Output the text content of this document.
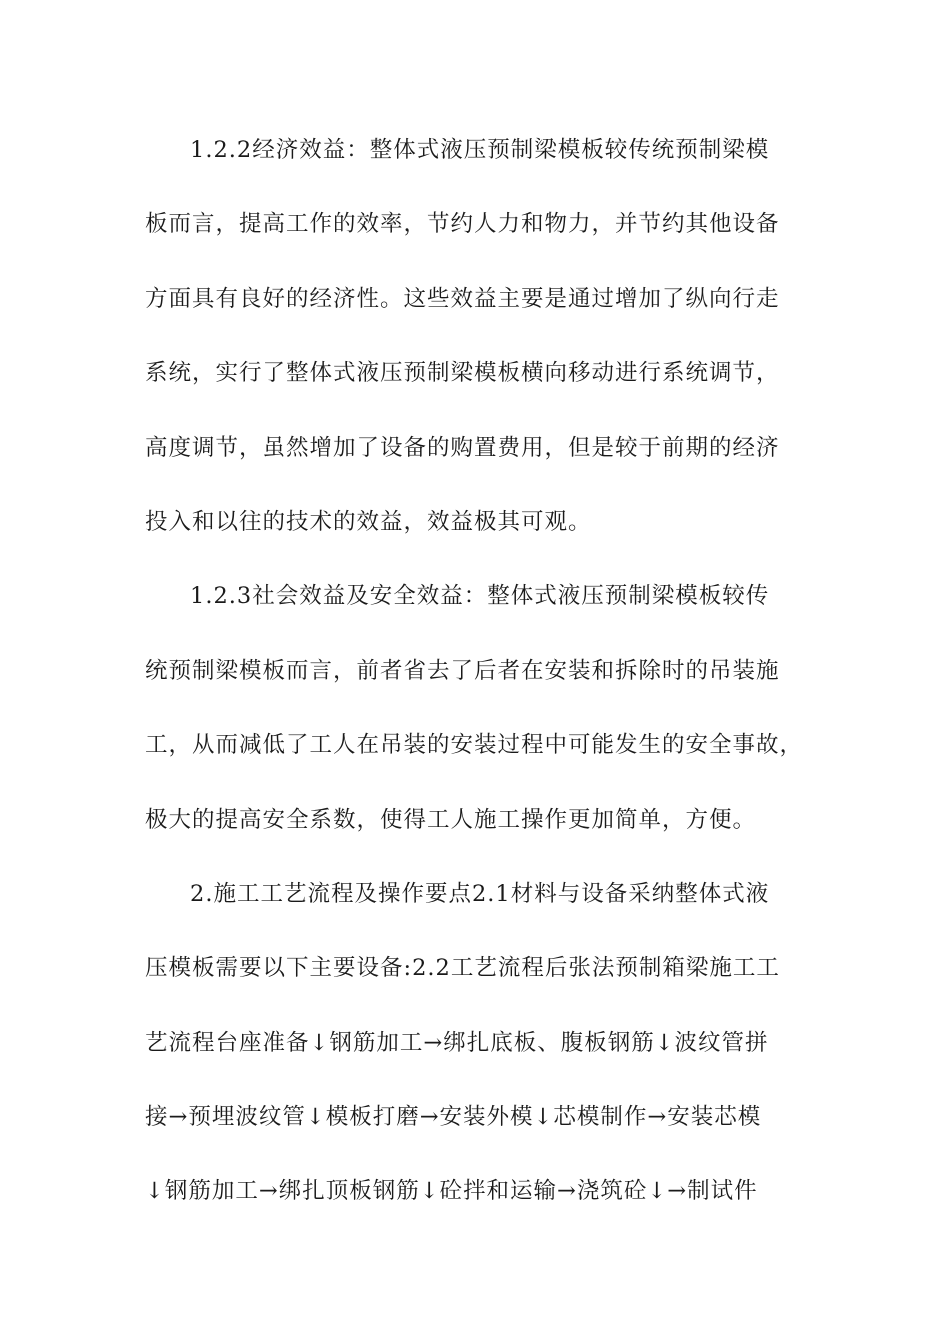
1.2.2经济效益：整体式液压预制梁模板较传统预制梁模
板而言，提高工作的效率，节约人力和物力，并节约其他设备
方面具有良好的经济性。这些效益主要是通过增加了纵向行走
系统，实行了整体式液压预制梁模板横向移动进行系统调节，
高度调节，虽然增加了设备的购置费用，但是较于前期的经济
投入和以往的技术的效益，效益极其可观。
1.2.3社会效益及安全效益：整体式液压预制梁模板较传
统预制梁模板而言，前者省去了后者在安装和拆除时的吊装施
工，从而减低了工人在吊装的安装过程中可能发生的安全事故，
极大的提高安全系数，使得工人施工操作更加简单，方便。
2.施工工艺流程及操作要点2.1材料与设备采纳整体式液
压模板需要以下主要设备:2.2工艺流程后张法预制箱梁施工工
艺流程台座准备↓钢筋加工→绑扎底板、腹板钢筋↓波纹管拼
接→预埋波纹管↓模板打磨→安装外模↓芯模制作→安装芯模
↓钢筋加工→绑扎顶板钢筋↓砼拌和运输→浇筑砼↓→制试件
